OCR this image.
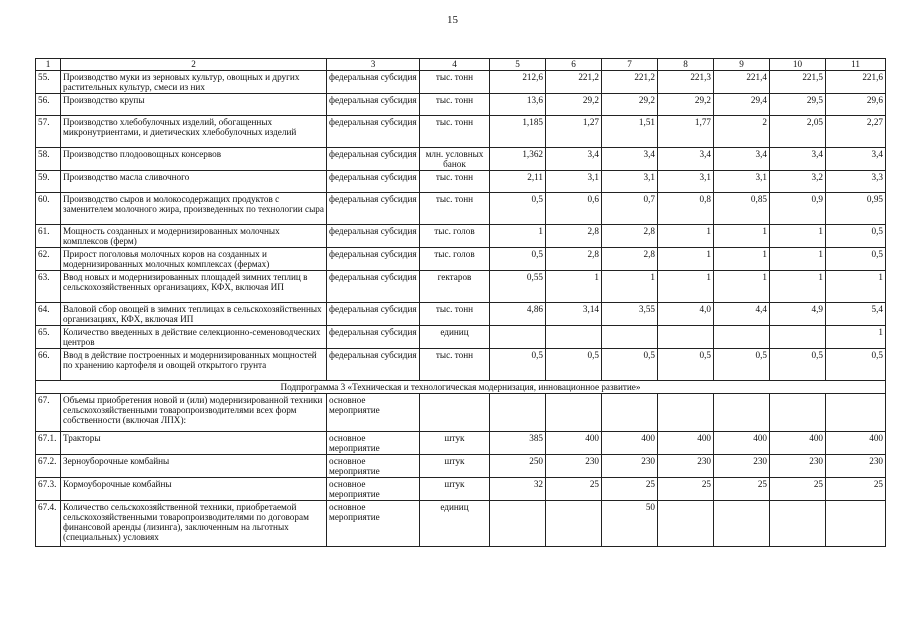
15
1	2	3	4	5	6	7	8	9	10	11
55.	Производство муки из зерновых культур, овощных и других растительных культур, смеси из них	федеральная субсидия	тыс. тонн	212,6	221,2	221,2	221,3	221,4	221,5	221,6
56.	Производство крупы	федеральная субсидия	тыс. тонн	13,6	29,2	29,2	29,2	29,4	29,5	29,6
57.	Производство хлебобулочных изделий, обогащенных микронутриентами, и диетических хлебобулочных изделий	федеральная субсидия	тыс. тонн	1,185	1,27	1,51	1,77	2	2,05	2,27
58.	Производство плодоовощных консервов	федеральная субсидия	млн. условных банок	1,362	3,4	3,4	3,4	3,4	3,4	3,4
59.	Производство масла сливочного	федеральная субсидия	тыс. тонн	2,11	3,1	3,1	3,1	3,1	3,2	3,3
60.	Производство сыров и молокосодержащих продуктов с заменителем молочного жира, произведенных по технологии сыра	федеральная субсидия	тыс. тонн	0,5	0,6	0,7	0,8	0,85	0,9	0,95
61.	Мощность созданных и модернизированных молочных комплексов (ферм)	федеральная субсидия	тыс. голов	1	2,8	2,8	1	1	1	0,5
62.	Прирост поголовья молочных коров на созданных и модернизированных молочных комплексах (фермах)	федеральная субсидия	тыс. голов	0,5	2,8	2,8	1	1	1	0,5
63.	Ввод новых и модернизированных площадей зимних теплиц в сельскохозяйственных организациях, КФХ, включая ИП	федеральная субсидия	гектаров	0,55	1	1	1	1	1	1
64.	Валовой сбор овощей в зимних теплицах в сельскохозяйственных организациях, КФХ, включая ИП	федеральная субсидия	тыс. тонн	4,86	3,14	3,55	4,0	4,4	4,9	5,4
65.	Количество введенных в действие селекционно-семеноводческих центров	федеральная субсидия	единиц							1
66.	Ввод в действие построенных и модернизированных мощностей по хранению картофеля и овощей открытого грунта	федеральная субсидия	тыс. тонн	0,5	0,5	0,5	0,5	0,5	0,5	0,5
Подпрограмма 3 «Техническая и технологическая модернизация, инновационное развитие»										
67.	Объемы приобретения новой и (или) модернизированной техники сельскохозяйственными товаропроизводителями всех форм собственности (включая ЛПХ):	основное мероприятие								
67.1.	Тракторы	основное мероприятие	штук	385	400	400	400	400	400	400
67.2.	Зерноуборочные комбайны	основное мероприятие	штук	250	230	230	230	230	230	230
67.3.	Кормоуборочные комбайны	основное мероприятие	штук	32	25	25	25	25	25	25
67.4.	Количество сельскохозяйственной техники, приобретаемой сельскохозяйственными товаропроизводителями по договорам финансовой аренды (лизинга), заключенным на льготных (специальных) условиях	основное мероприятие	единиц			50				
